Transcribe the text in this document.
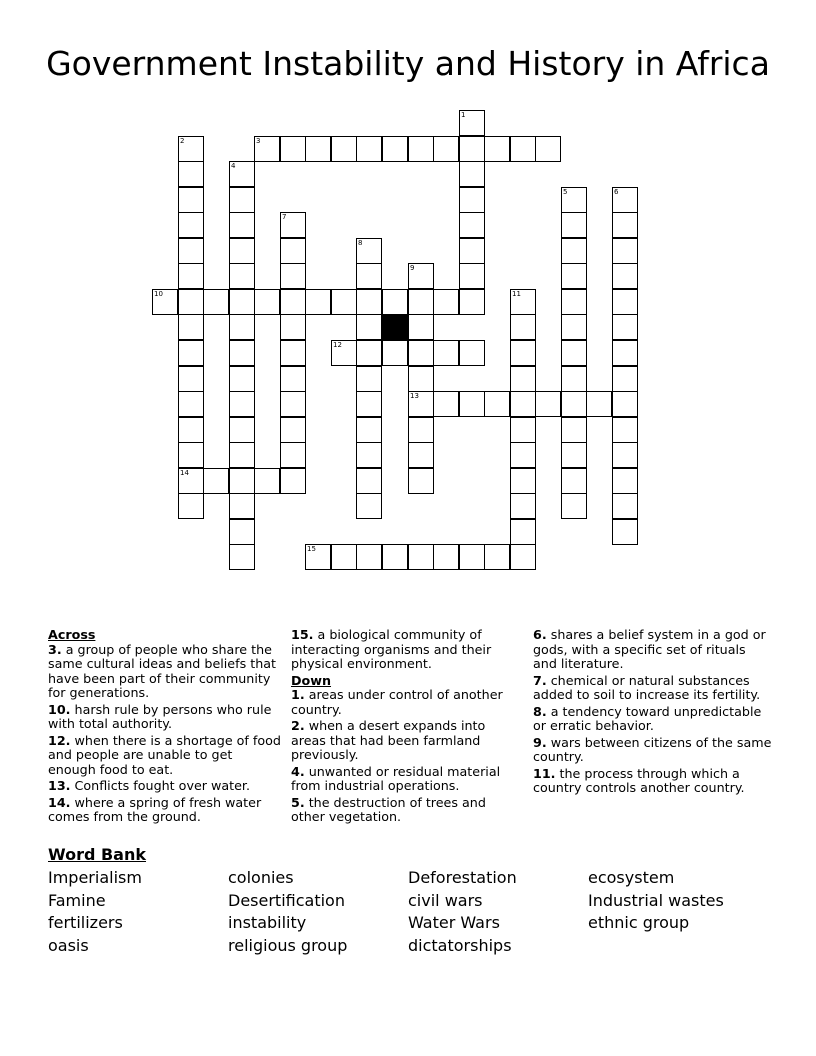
Government Instability and History in Africa
1
2
14
3
4
5	6
7
8
9
13
10	11
12
15
Across
3. a group of people who share the same cultural ideas and beliefs that have been part of their community for generations.
10. harsh rule by persons who rule with total authority.
12. when there is a shortage of food and people are unable to get enough food to eat.
13. Conflicts fought over water.
14. where a spring of fresh water comes from the ground.
15. a biological community of interacting organisms and their physical environment.
Down
1. areas under control of another country.
2. when a desert expands into areas that had been farmland previously.
4. unwanted or residual material from industrial operations.
5. the destruction of trees and other vegetation.
6. shares a belief system in a god or gods, with a specific set of rituals and literature.
7. chemical or natural substances added to soil to increase its fertility.
8. a tendency toward unpredictable or erratic behavior.
9. wars between citizens of the same country.
11. the process through which a country controls another country.
Word Bank
Imperialism	colonies	Deforestation	ecosystem
Famine	Desertification	civil wars	Industrial wastes
fertilizers	instability	Water Wars	ethnic group
oasis	religious group	dictatorships
